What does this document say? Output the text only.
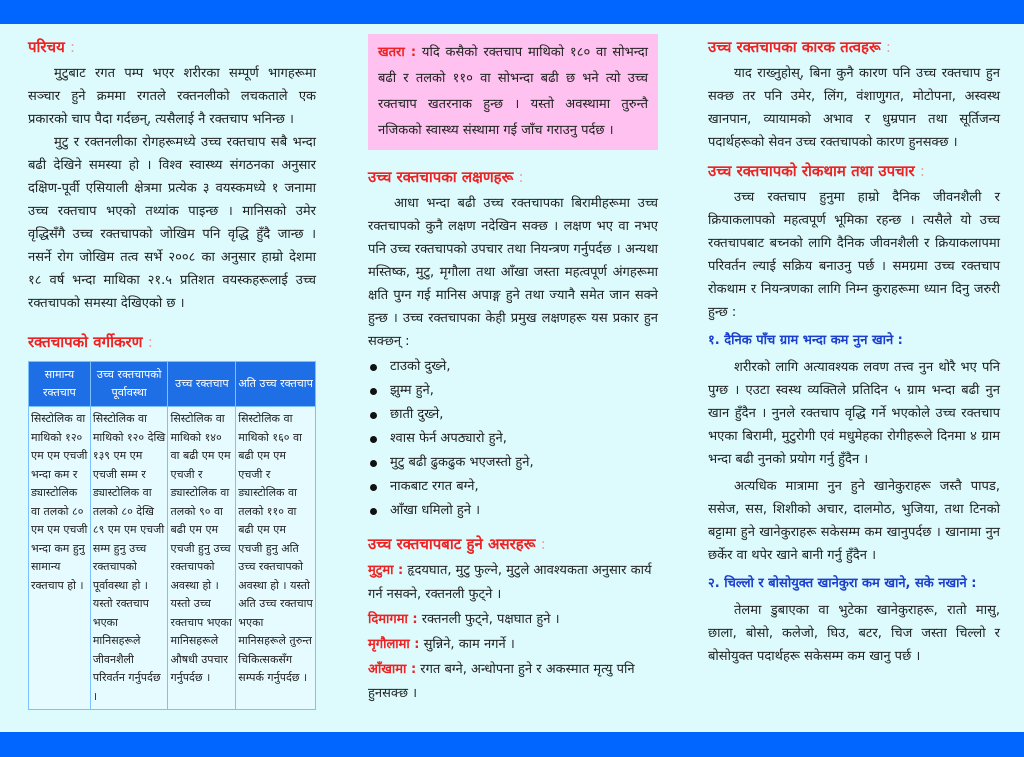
परिचय :

मुटुबाट रगत पम्प भएर शरीरका सम्पूर्ण भागहरूमा सञ्चार हुने क्रममा रगतले रक्तनलीको लचकताले एक प्रकारको चाप पैदा गर्दछन्, त्यसैलाई नै रक्तचाप भनिन्छ ।

मुटु र रक्तनलीका रोगहरूमध्ये उच्च रक्तचाप सबै भन्दा बढी देखिने समस्या हो । विश्व स्वास्थ्य संगठनका अनुसार दक्षिण-पूर्वी एसियाली क्षेत्रमा प्रत्येक ३ वयस्कमध्ये १ जनामा उच्च रक्तचाप भएको तथ्यांक पाइन्छ । मानिसको उमेर वृद्धिसँगै उच्च रक्तचापको जोखिम पनि वृद्धि हुँदै जान्छ । नसर्ने रोग जोखिम तत्व सर्भे २००८ का अनुसार हाम्रो देशमा १८ वर्ष भन्दा माथिका २१.५ प्रतिशत वयस्कहरूलाई उच्च रक्तचापको समस्या देखिएको छ ।

रक्तचापको वर्गीकरण :
सामान्य रक्तचाप	उच्च रक्तचापको पूर्वावस्था	उच्च रक्तचाप	अति उच्च रक्तचाप
सिस्टोलिक वा माथिको १२० एम एम एचजी भन्दा कम र ड्यास्टोलिक वा तलको ८० एम एम एचजी भन्दा कम हुनु सामान्य रक्तचाप हो ।	सिस्टोलिक वा माथिको १२० देखि १३९ एम एम एचजी सम्म र ड्यास्टोलिक वा तलको ८० देखि ८९ एम एम एचजी सम्म हुनु उच्च रक्तचापको पूर्वावस्था हो । यस्तो रक्तचाप भएका मानिसहरूले जीवनशैली परिवर्तन गर्नुपर्दछ ।	सिस्टोलिक वा माथिको १४० वा बढी एम एम एचजी र ड्यास्टोलिक वा तलको ९० वा बढी एम एम एचजी हुनु उच्च रक्तचापको अवस्था हो । यस्तो उच्च रक्तचाप भएका मानिसहरूले औषधी उपचार गर्नुपर्दछ ।	सिस्टोलिक वा माथिको १६० वा बढी एम एम एचजी र ड्यास्टोलिक वा तलको ११० वा बढी एम एम एचजी हुनु अति उच्च रक्तचापको अवस्था हो । यस्तो अति उच्च रक्तचाप भएका मानिसहरूले तुरुन्त चिकित्सकसँग सम्पर्क गर्नुपर्दछ ।
खतरा : यदि कसैको रक्तचाप माथिको १८० वा सोभन्दा बढी र तलको ११० वा सोभन्दा बढी छ भने त्यो उच्च रक्तचाप खतरनाक हुन्छ । यस्तो अवस्थामा तुरुन्तै नजिकको स्वास्थ्य संस्थामा गई जाँच गराउनु पर्दछ ।
उच्च रक्तचापका लक्षणहरू :

आधा भन्दा बढी उच्च रक्तचापका बिरामीहरूमा उच्च रक्तचापको कुनै लक्षण नदेखिन सक्छ । लक्षण भए वा नभए पनि उच्च रक्तचापको उपचार तथा नियन्त्रण गर्नुपर्दछ । अन्यथा मस्तिष्क, मुटु, मृगौला तथा आँखा जस्ता महत्वपूर्ण अंगहरूमा क्षति पुग्न गई मानिस अपाङ्ग हुने तथा ज्यानै समेत जान सक्ने हुन्छ । उच्च रक्तचापका केही प्रमुख लक्षणहरू यस प्रकार हुन सक्छन् :

टाउको दुख्ने,
झुम्म हुने,
छाती दुख्ने,
श्वास फेर्न अपठ्यारो हुने,
मुटु बढी ढुकढुक भएजस्तो हुने,
नाकबाट रगत बग्ने,
आँखा धमिलो हुने ।
उच्च रक्तचापबाट हुने असरहरू :
मुटुमा : हृदयघात, मुटु फुल्ने, मुटुले आवश्यकता अनुसार कार्य गर्न नसक्ने, रक्तनली फुट्ने ।
दिमागमा : रक्तनली फुट्ने, पक्षघात हुने ।
मृगौलामा : सुन्निने, काम नगर्ने ।
आँखामा : रगत बग्ने, अन्धोपना हुने र अकस्मात मृत्यु पनि हुनसक्छ ।
उच्च रक्तचापका कारक तत्वहरू :

याद राख्नुहोस्, बिना कुनै कारण पनि उच्च रक्तचाप हुन सक्छ तर पनि उमेर, लिंग, वंशाणुगत, मोटोपना, अस्वस्थ खानपान, व्यायामको अभाव र धुम्रपान तथा सूर्तिजन्य पदार्थहरूको सेवन उच्च रक्तचापको कारण हुनसक्छ ।

उच्च रक्तचापको रोकथाम तथा उपचार :

उच्च रक्तचाप हुनुमा हाम्रो दैनिक जीवनशैली र क्रियाकलापको महत्वपूर्ण भूमिका रहन्छ । त्यसैले यो उच्च रक्तचापबाट बच्नको लागि दैनिक जीवनशैली र क्रियाकलापमा परिवर्तन ल्याई सक्रिय बनाउनु पर्छ । समग्रमा उच्च रक्तचाप रोकथाम र नियन्त्रणका लागि निम्न कुराहरूमा ध्यान दिनु जरुरी हुन्छ :

१. दैनिक पाँच ग्राम भन्दा कम नुन खाने :

शरीरको लागि अत्यावश्यक लवण तत्त्व नुन थोरै भए पनि पुग्छ । एउटा स्वस्थ व्यक्तिले प्रतिदिन ५ ग्राम भन्दा बढी नुन खान हुँदैन । नुनले रक्तचाप वृद्धि गर्ने भएकोले उच्च रक्तचाप भएका बिरामी, मुटुरोगी एवं मधुमेहका रोगीहरूले दिनमा ४ ग्राम भन्दा बढी नुनको प्रयोग गर्नु हुँदैन ।

अत्यधिक मात्रामा नुन हुने खानेकुराहरू जस्तै पापड, ससेज, सस, शिशीको अचार, दालमोठ, भुजिया, तथा टिनको बट्टामा हुने खानेकुराहरू सकेसम्म कम खानुपर्दछ । खानामा नुन छर्केर वा थपेर खाने बानी गर्नु हुँदैन ।

२. चिल्लो र बोसोयुक्त खानेकुरा कम खाने, सके नखाने :

तेलमा डुबाएका वा भुटेका खानेकुराहरू, रातो मासु, छाला, बोसो, कलेजो, घिउ, बटर, चिज जस्ता चिल्लो र बोसोयुक्त पदार्थहरू सकेसम्म कम खानु पर्छ ।
